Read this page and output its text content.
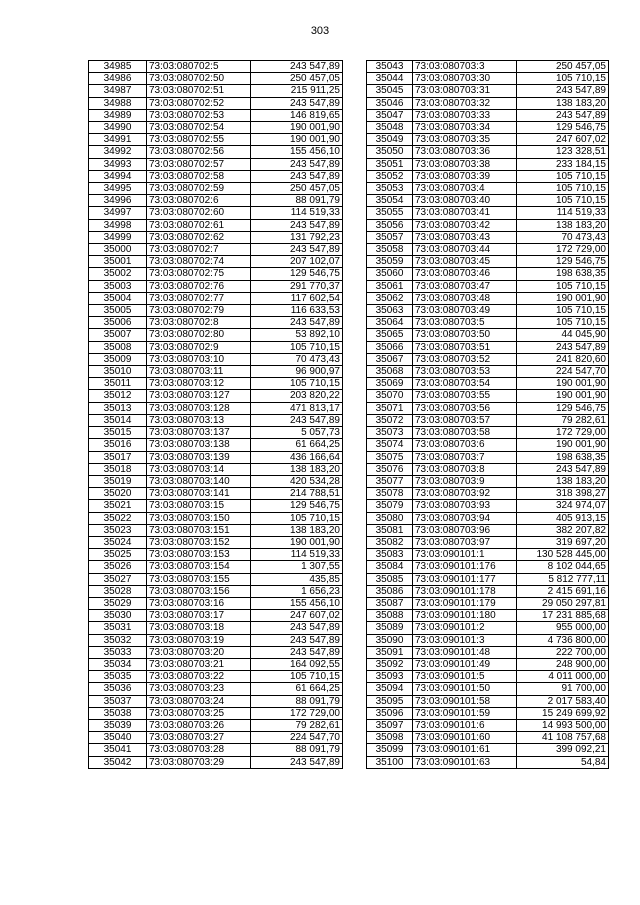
303
34985	73:03:080702:5	243 547,89
34986	73:03:080702:50	250 457,05
34987	73:03:080702:51	215 911,25
34988	73:03:080702:52	243 547,89
34989	73:03:080702:53	146 819,65
34990	73:03:080702:54	190 001,90
34991	73:03:080702:55	190 001,90
34992	73:03:080702:56	155 456,10
34993	73:03:080702:57	243 547,89
34994	73:03:080702:58	243 547,89
34995	73:03:080702:59	250 457,05
34996	73:03:080702:6	88 091,79
34997	73:03:080702:60	114 519,33
34998	73:03:080702:61	243 547,89
34999	73:03:080702:62	131 792,23
35000	73:03:080702:7	243 547,89
35001	73:03:080702:74	207 102,07
35002	73:03:080702:75	129 546,75
35003	73:03:080702:76	291 770,37
35004	73:03:080702:77	117 602,54
35005	73:03:080702:79	116 633,53
35006	73:03:080702:8	243 547,89
35007	73:03:080702:80	53 892,10
35008	73:03:080702:9	105 710,15
35009	73:03:080703:10	70 473,43
35010	73:03:080703:11	96 900,97
35011	73:03:080703:12	105 710,15
35012	73:03:080703:127	203 820,22
35013	73:03:080703:128	471 813,17
35014	73:03:080703:13	243 547,89
35015	73:03:080703:137	5 057,73
35016	73:03:080703:138	61 664,25
35017	73:03:080703:139	436 166,64
35018	73:03:080703:14	138 183,20
35019	73:03:080703:140	420 534,28
35020	73:03:080703:141	214 788,51
35021	73:03:080703:15	129 546,75
35022	73:03:080703:150	105 710,15
35023	73:03:080703:151	138 183,20
35024	73:03:080703:152	190 001,90
35025	73:03:080703:153	114 519,33
35026	73:03:080703:154	1 307,55
35027	73:03:080703:155	435,85
35028	73:03:080703:156	1 656,23
35029	73:03:080703:16	155 456,10
35030	73:03:080703:17	247 607,02
35031	73:03:080703:18	243 547,89
35032	73:03:080703:19	243 547,89
35033	73:03:080703:20	243 547,89
35034	73:03:080703:21	164 092,55
35035	73:03:080703:22	105 710,15
35036	73:03:080703:23	61 664,25
35037	73:03:080703:24	88 091,79
35038	73:03:080703:25	172 729,00
35039	73:03:080703:26	79 282,61
35040	73:03:080703:27	224 547,70
35041	73:03:080703:28	88 091,79
35042	73:03:080703:29	243 547,89
35043	73:03:080703:3	250 457,05
35044	73:03:080703:30	105 710,15
35045	73:03:080703:31	243 547,89
35046	73:03:080703:32	138 183,20
35047	73:03:080703:33	243 547,89
35048	73:03:080703:34	129 546,75
35049	73:03:080703:35	247 607,02
35050	73:03:080703:36	123 328,51
35051	73:03:080703:38	233 184,15
35052	73:03:080703:39	105 710,15
35053	73:03:080703:4	105 710,15
35054	73:03:080703:40	105 710,15
35055	73:03:080703:41	114 519,33
35056	73:03:080703:42	138 183,20
35057	73:03:080703:43	70 473,43
35058	73:03:080703:44	172 729,00
35059	73:03:080703:45	129 546,75
35060	73:03:080703:46	198 638,35
35061	73:03:080703:47	105 710,15
35062	73:03:080703:48	190 001,90
35063	73:03:080703:49	105 710,15
35064	73:03:080703:5	105 710,15
35065	73:03:080703:50	44 045,90
35066	73:03:080703:51	243 547,89
35067	73:03:080703:52	241 820,60
35068	73:03:080703:53	224 547,70
35069	73:03:080703:54	190 001,90
35070	73:03:080703:55	190 001,90
35071	73:03:080703:56	129 546,75
35072	73:03:080703:57	79 282,61
35073	73:03:080703:58	172 729,00
35074	73:03:080703:6	190 001,90
35075	73:03:080703:7	198 638,35
35076	73:03:080703:8	243 547,89
35077	73:03:080703:9	138 183,20
35078	73:03:080703:92	318 398,27
35079	73:03:080703:93	324 974,07
35080	73:03:080703:94	405 913,15
35081	73:03:080703:96	382 207,82
35082	73:03:080703:97	319 697,20
35083	73:03:090101:1	130 528 445,00
35084	73:03:090101:176	8 102 044,65
35085	73:03:090101:177	5 812 777,11
35086	73:03:090101:178	2 415 691,16
35087	73:03:090101:179	29 050 297,81
35088	73:03:090101:180	17 231 885,68
35089	73:03:090101:2	955 000,00
35090	73:03:090101:3	4 736 800,00
35091	73:03:090101:48	222 700,00
35092	73:03:090101:49	248 900,00
35093	73:03:090101:5	4 011 000,00
35094	73:03:090101:50	91 700,00
35095	73:03:090101:58	2 017 583,40
35096	73:03:090101:59	15 249 699,92
35097	73:03:090101:6	14 993 500,00
35098	73:03:090101:60	41 108 757,68
35099	73:03:090101:61	399 092,21
35100	73:03:090101:63	54,84
